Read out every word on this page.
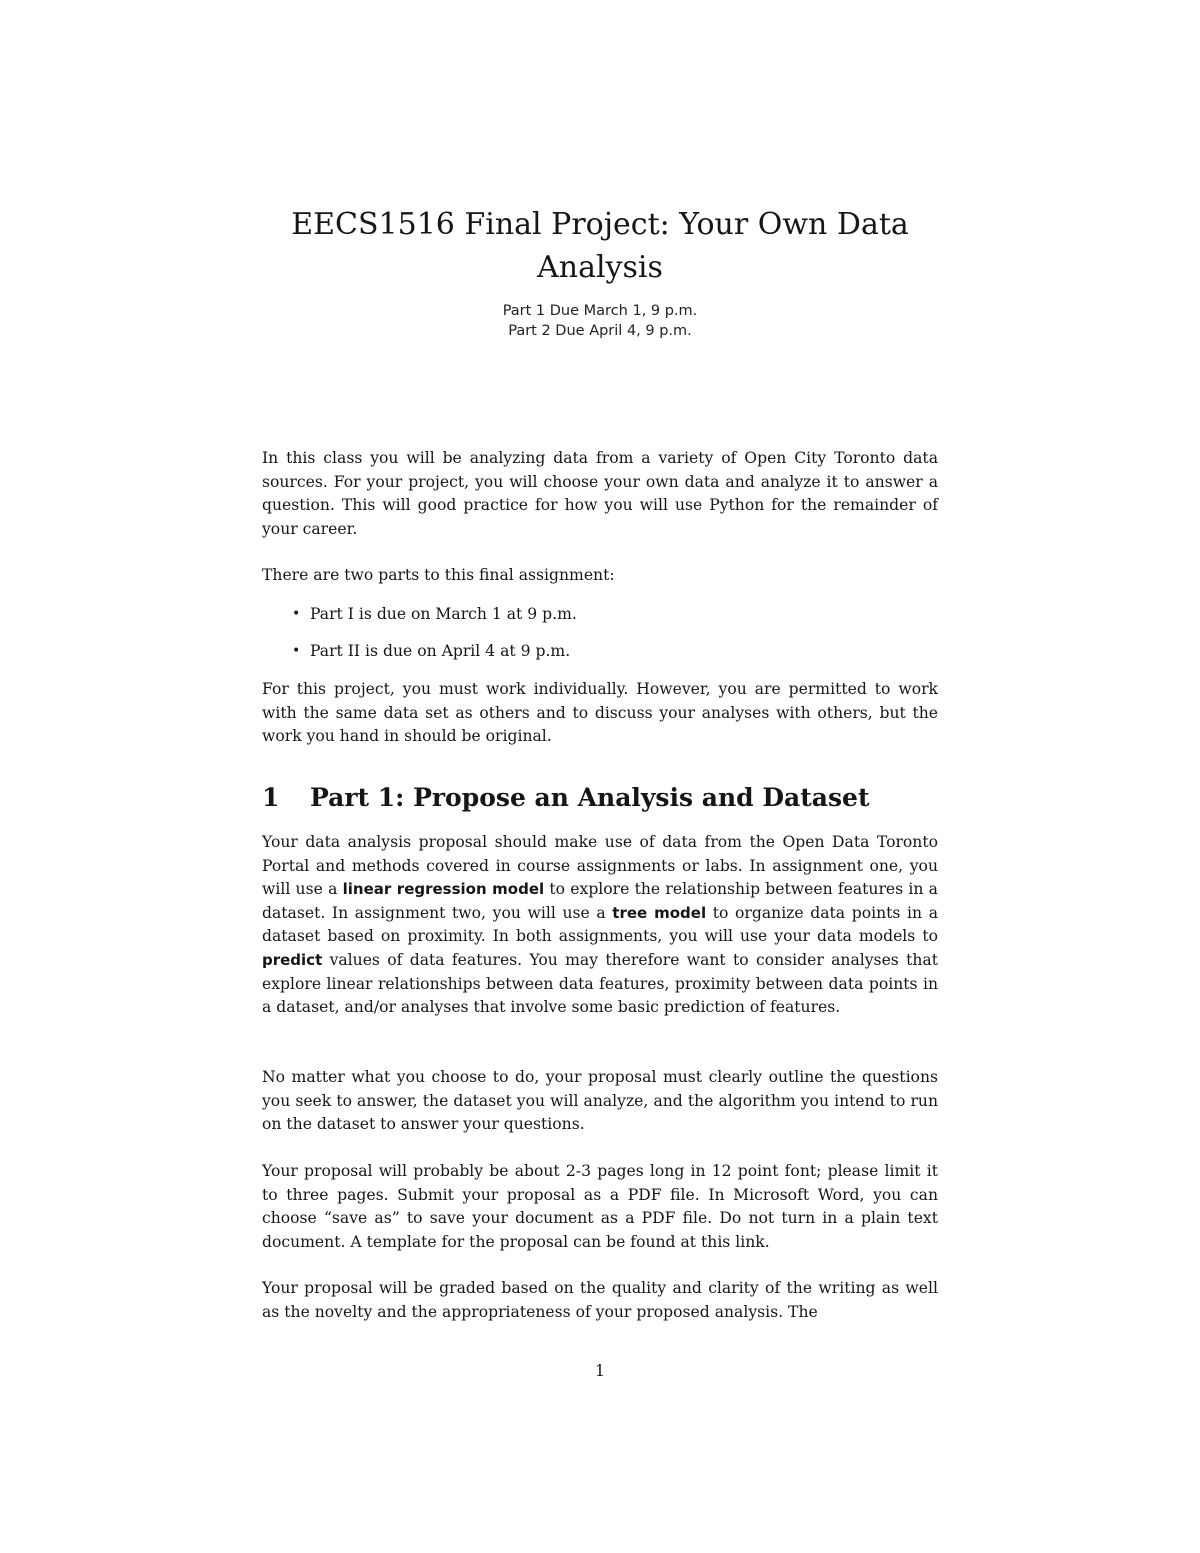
EECS1516 Final Project: Your Own Data Analysis
Part 1 Due March 1, 9 p.m.
Part 2 Due April 4, 9 p.m.

In this class you will be analyzing data from a variety of Open City Toronto data sources. For your project, you will choose your own data and analyze it to answer a question. This will good practice for how you will use Python for the remainder of your career.

There are two parts to this final assignment:

• Part I is due on March 1 at 9 p.m.
• Part II is due on April 4 at 9 p.m.

For this project, you must work individually. However, you are permitted to work with the same data set as others and to discuss your analyses with others, but the work you hand in should be original.

1 Part 1: Propose an Analysis and Dataset

Your data analysis proposal should make use of data from the Open Data Toronto Portal and methods covered in course assignments or labs. In assignment one, you will use a linear regression model to explore the relationship between features in a dataset. In assignment two, you will use a tree model to organize data points in a dataset based on proximity. In both assignments, you will use your data models to predict values of data features. You may therefore want to consider analyses that explore linear relationships between data features, proximity between data points in a dataset, and/or analyses that involve some basic prediction of features.

No matter what you choose to do, your proposal must clearly outline the questions you seek to answer, the dataset you will analyze, and the algorithm you intend to run on the dataset to answer your questions.

Your proposal will probably be about 2-3 pages long in 12 point font; please limit it to three pages. Submit your proposal as a PDF file. In Microsoft Word, you can choose “save as” to save your document as a PDF file. Do not turn in a plain text document. A template for the proposal can be found at this link.

Your proposal will be graded based on the quality and clarity of the writing as well as the novelty and the appropriateness of your proposed analysis. The

1
